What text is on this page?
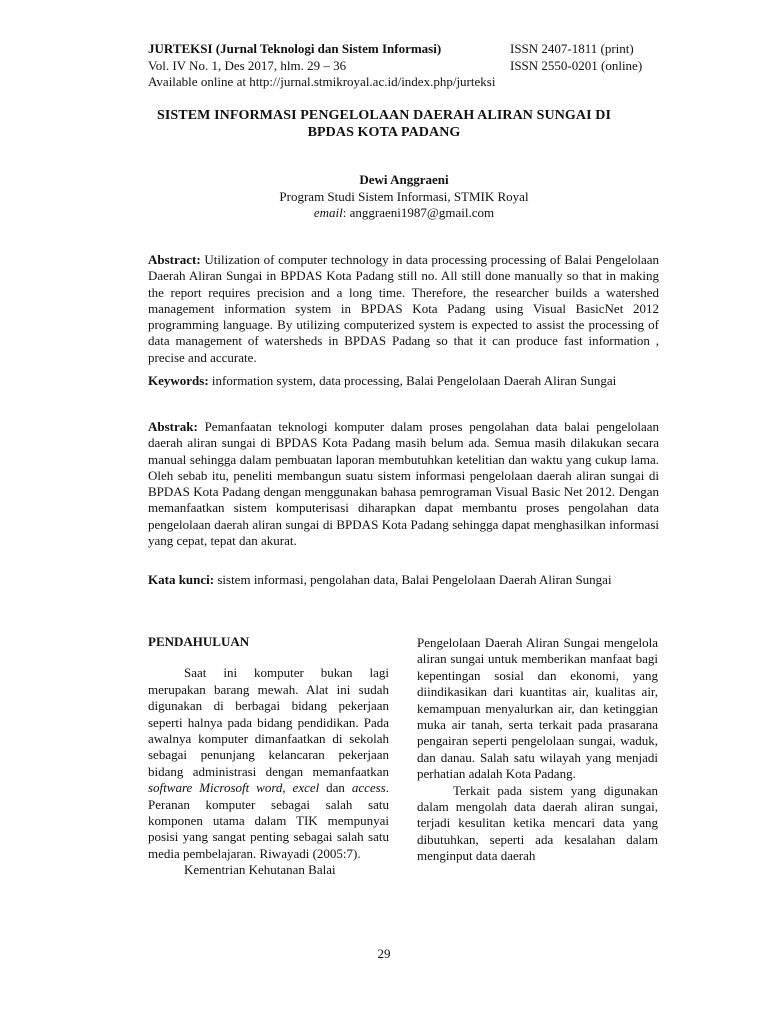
JURTEKSI (Jurnal Teknologi dan Sistem Informasi)	ISSN 2407-1811 (print)
Vol. IV No. 1, Des 2017, hlm. 29 – 36	ISSN 2550-0201 (online)
Available online at http://jurnal.stmikroyal.ac.id/index.php/jurteksi
SISTEM INFORMASI PENGELOLAAN DAERAH ALIRAN SUNGAI DI
BPDAS KOTA PADANG
Dewi Anggraeni
Program Studi Sistem Informasi, STMIK Royal
email: anggraeni1987@gmail.com
Abstract: Utilization of computer technology in data processing processing of Balai Pengelolaan Daerah Aliran Sungai in BPDAS Kota Padang still no. All still done manually so that in making the report requires precision and a long time. Therefore, the researcher builds a watershed management information system in BPDAS Kota Padang using Visual BasicNet 2012 programming language. By utilizing computerized system is expected to assist the processing of data management of watersheds in BPDAS Padang so that it can produce fast information , precise and accurate.
Keywords: information system, data processing, Balai Pengelolaan Daerah Aliran Sungai
Abstrak: Pemanfaatan teknologi komputer dalam proses pengolahan data balai pengelolaan daerah aliran sungai di BPDAS Kota Padang masih belum ada. Semua masih dilakukan secara manual sehingga dalam pembuatan laporan membutuhkan ketelitian dan waktu yang cukup lama. Oleh sebab itu, peneliti membangun suatu sistem informasi pengelolaan daerah aliran sungai di BPDAS Kota Padang dengan menggunakan bahasa pemrograman Visual Basic Net 2012. Dengan memanfaatkan sistem komputerisasi diharapkan dapat membantu proses pengolahan data pengelolaan daerah aliran sungai di BPDAS Kota Padang sehingga dapat menghasilkan informasi yang cepat, tepat dan akurat.
Kata kunci: sistem informasi, pengolahan data, Balai Pengelolaan Daerah Aliran Sungai
PENDAHULUAN

Saat ini komputer bukan lagi merupakan barang mewah. Alat ini sudah digunakan di berbagai bidang pekerjaan seperti halnya pada bidang pendidikan. Pada awalnya komputer dimanfaatkan di sekolah sebagai penunjang kelancaran pekerjaan bidang administrasi dengan memanfaatkan software Microsoft word, excel dan access. Peranan komputer sebagai salah satu komponen utama dalam TIK mempunyai posisi yang sangat penting sebagai salah satu media pembelajaran. Riwayadi (2005:7).

Kementrian Kehutanan Balai

Pengelolaan Daerah Aliran Sungai mengelola aliran sungai untuk memberikan manfaat bagi kepentingan sosial dan ekonomi, yang diindikasikan dari kuantitas air, kualitas air, kemampuan menyalurkan air, dan ketinggian muka air tanah, serta terkait pada prasarana pengairan seperti pengelolaan sungai, waduk, dan danau. Salah satu wilayah yang menjadi perhatian adalah Kota Padang.

Terkait pada sistem yang digunakan dalam mengolah data daerah aliran sungai, terjadi kesulitan ketika mencari data yang dibutuhkan, seperti ada kesalahan dalam menginput data daerah

29
